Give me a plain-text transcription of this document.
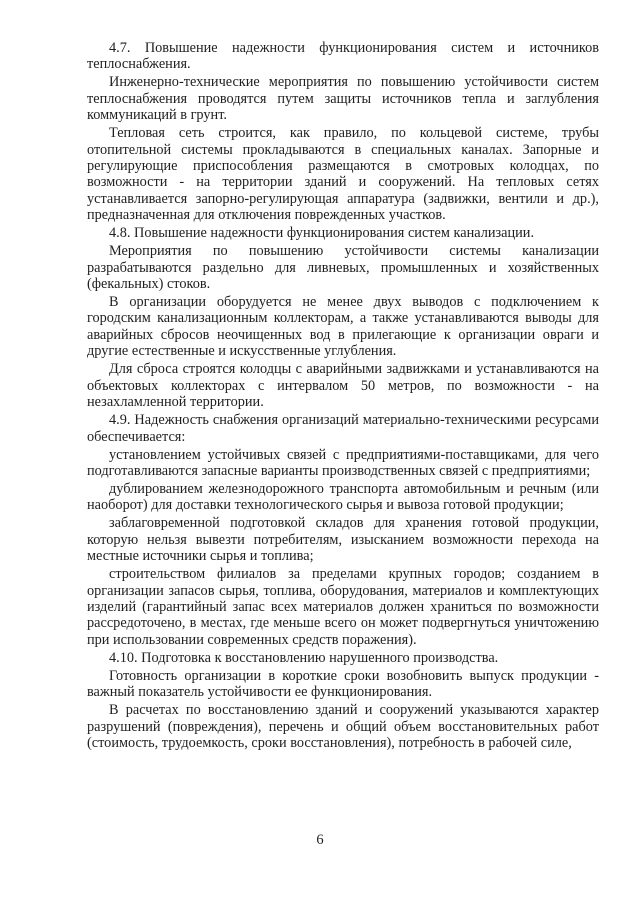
4.7. Повышение надежности функционирования систем и источников теплоснабжения.

Инженерно-технические мероприятия по повышению устойчивости систем теплоснабжения проводятся путем защиты источников тепла и заглубления коммуникаций в грунт.

Тепловая сеть строится, как правило, по кольцевой системе, трубы отопительной системы прокладываются в специальных каналах. Запорные и регулирующие приспособления размещаются в смотровых колодцах, по возможности - на территории зданий и сооружений. На тепловых сетях устанавливается запорно-регулирующая аппаратура (задвижки, вентили и др.), предназначенная для отключения поврежденных участков.

4.8. Повышение надежности функционирования систем канализации.

Мероприятия по повышению устойчивости системы канализации разрабатываются раздельно для ливневых, промышленных и хозяйственных (фекальных) стоков.

В организации оборудуется не менее двух выводов с подключением к городским канализационным коллекторам, а также устанавливаются выводы для аварийных сбросов неочищенных вод в прилегающие к организации овраги и другие естественные и искусственные углубления.

Для сброса строятся колодцы с аварийными задвижками и устанавливаются на объектовых коллекторах с интервалом 50 метров, по возможности - на незахламленной территории.

4.9. Надежность снабжения организаций материально-техническими ресурсами обеспечивается:

установлением устойчивых связей с предприятиями-поставщиками, для чего подготавливаются запасные варианты производственных связей с предприятиями;

дублированием железнодорожного транспорта автомобильным и речным (или наоборот) для доставки технологического сырья и вывоза готовой продукции;

заблаговременной подготовкой складов для хранения готовой продукции, которую нельзя вывезти потребителям, изысканием возможности перехода на местные источники сырья и топлива;

строительством филиалов за пределами крупных городов; созданием в организации запасов сырья, топлива, оборудования, материалов и комплектующих изделий (гарантийный запас всех материалов должен храниться по возможности рассредоточено, в местах, где меньше всего он может подвергнуться уничтожению при использовании современных средств поражения).

4.10. Подготовка к восстановлению нарушенного производства.

Готовность организации в короткие сроки возобновить выпуск продукции - важный показатель устойчивости ее функционирования.

В расчетах по восстановлению зданий и сооружений указываются характер разрушений (повреждения), перечень и общий объем восстановительных работ (стоимость, трудоемкость, сроки восстановления), потребность в рабочей силе,

6
